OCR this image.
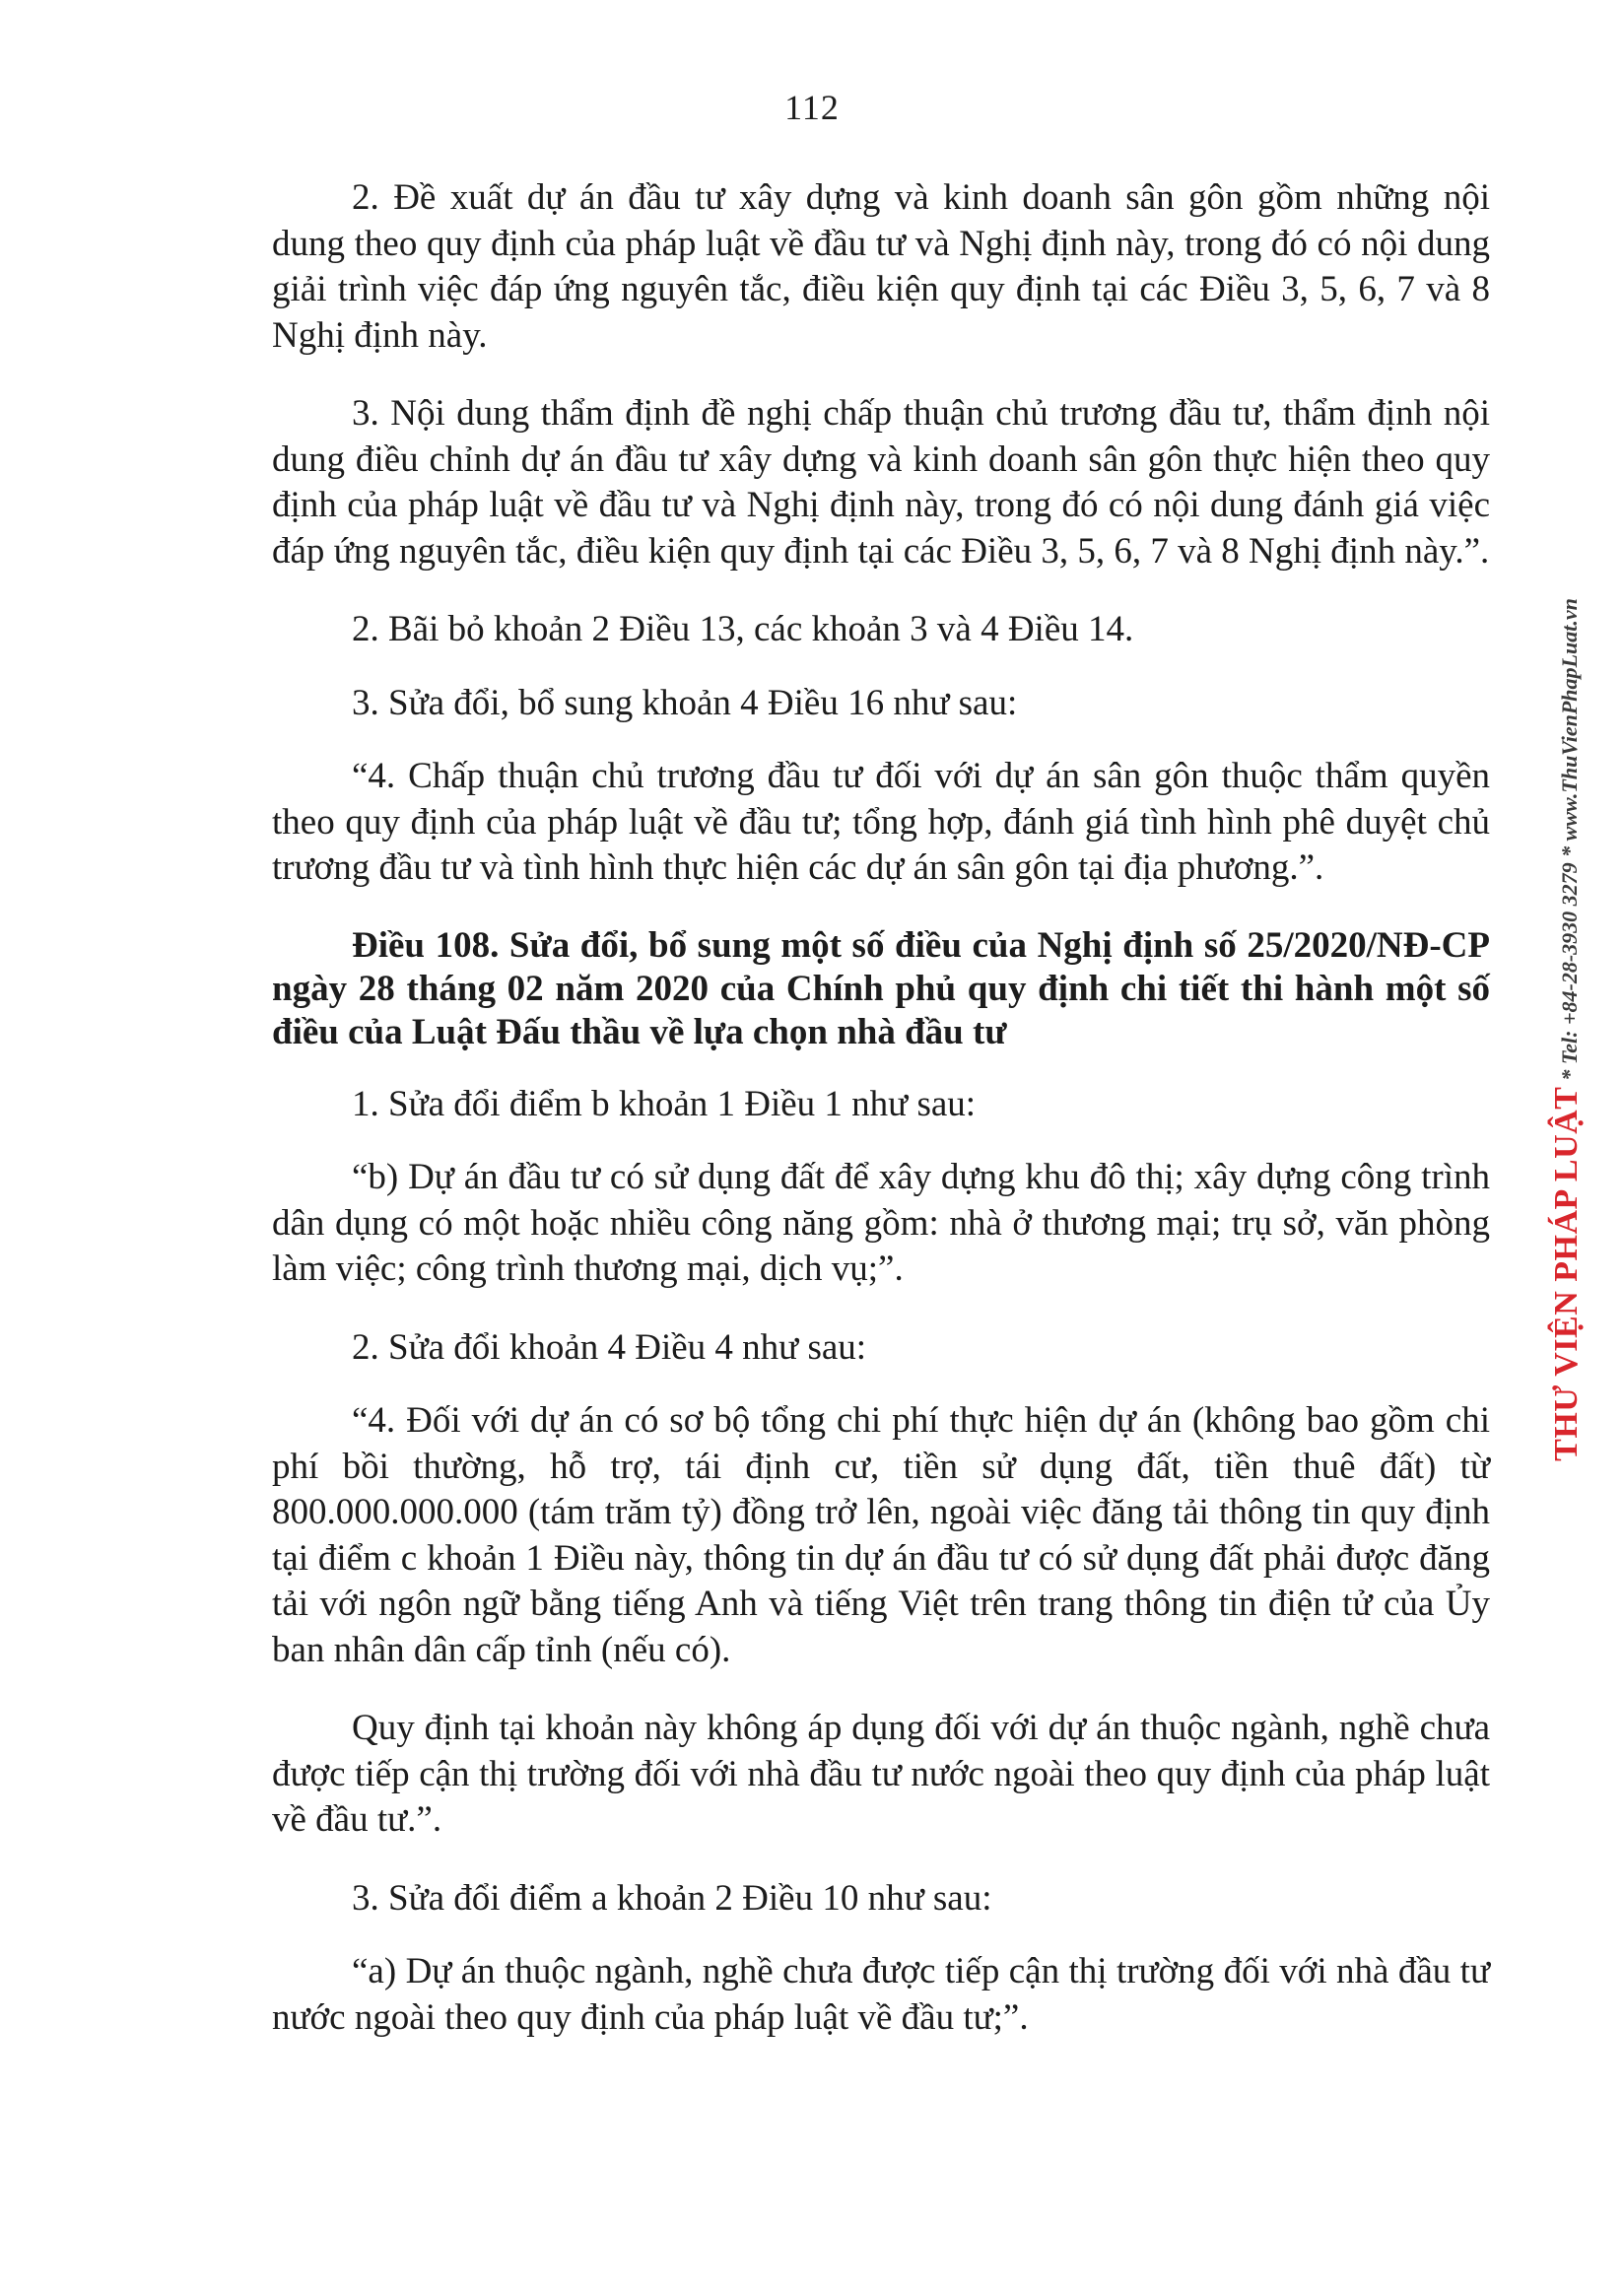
112

2. Đề xuất dự án đầu tư xây dựng và kinh doanh sân gôn gồm những nội dung theo quy định của pháp luật về đầu tư và Nghị định này, trong đó có nội dung giải trình việc đáp ứng nguyên tắc, điều kiện quy định tại các Điều 3, 5, 6, 7 và 8 Nghị định này.

3. Nội dung thẩm định đề nghị chấp thuận chủ trương đầu tư, thẩm định nội dung điều chỉnh dự án đầu tư xây dựng và kinh doanh sân gôn thực hiện theo quy định của pháp luật về đầu tư và Nghị định này, trong đó có nội dung đánh giá việc đáp ứng nguyên tắc, điều kiện quy định tại các Điều 3, 5, 6, 7 và 8 Nghị định này.”.

2. Bãi bỏ khoản 2 Điều 13, các khoản 3 và 4 Điều 14.

3. Sửa đổi, bổ sung khoản 4 Điều 16 như sau:

“4. Chấp thuận chủ trương đầu tư đối với dự án sân gôn thuộc thẩm quyền theo quy định của pháp luật về đầu tư; tổng hợp, đánh giá tình hình phê duyệt chủ trương đầu tư và tình hình thực hiện các dự án sân gôn tại địa phương.”.

Điều 108. Sửa đổi, bổ sung một số điều của Nghị định số 25/2020/NĐ-CP ngày 28 tháng 02 năm 2020 của Chính phủ quy định chi tiết thi hành một số điều của Luật Đấu thầu về lựa chọn nhà đầu tư

1. Sửa đổi điểm b khoản 1 Điều 1 như sau:

“b) Dự án đầu tư có sử dụng đất để xây dựng khu đô thị; xây dựng công trình dân dụng có một hoặc nhiều công năng gồm: nhà ở thương mại; trụ sở, văn phòng làm việc; công trình thương mại, dịch vụ;”.

2. Sửa đổi khoản 4 Điều 4 như sau:

“4. Đối với dự án có sơ bộ tổng chi phí thực hiện dự án (không bao gồm chi phí bồi thường, hỗ trợ, tái định cư, tiền sử dụng đất, tiền thuê đất) từ 800.000.000.000 (tám trăm tỷ) đồng trở lên, ngoài việc đăng tải thông tin quy định tại điểm c khoản 1 Điều này, thông tin dự án đầu tư có sử dụng đất phải được đăng tải với ngôn ngữ bằng tiếng Anh và tiếng Việt trên trang thông tin điện tử của Ủy ban nhân dân cấp tỉnh (nếu có).

Quy định tại khoản này không áp dụng đối với dự án thuộc ngành, nghề chưa được tiếp cận thị trường đối với nhà đầu tư nước ngoài theo quy định của pháp luật về đầu tư.”.

3. Sửa đổi điểm a khoản 2 Điều 10 như sau:

“a) Dự án thuộc ngành, nghề chưa được tiếp cận thị trường đối với nhà đầu tư nước ngoài theo quy định của pháp luật về đầu tư;”.

THƯ VIỆN PHÁP LUẬT* Tel: +84-28-3930 3279 * www.ThuVienPhapLuat.vn
